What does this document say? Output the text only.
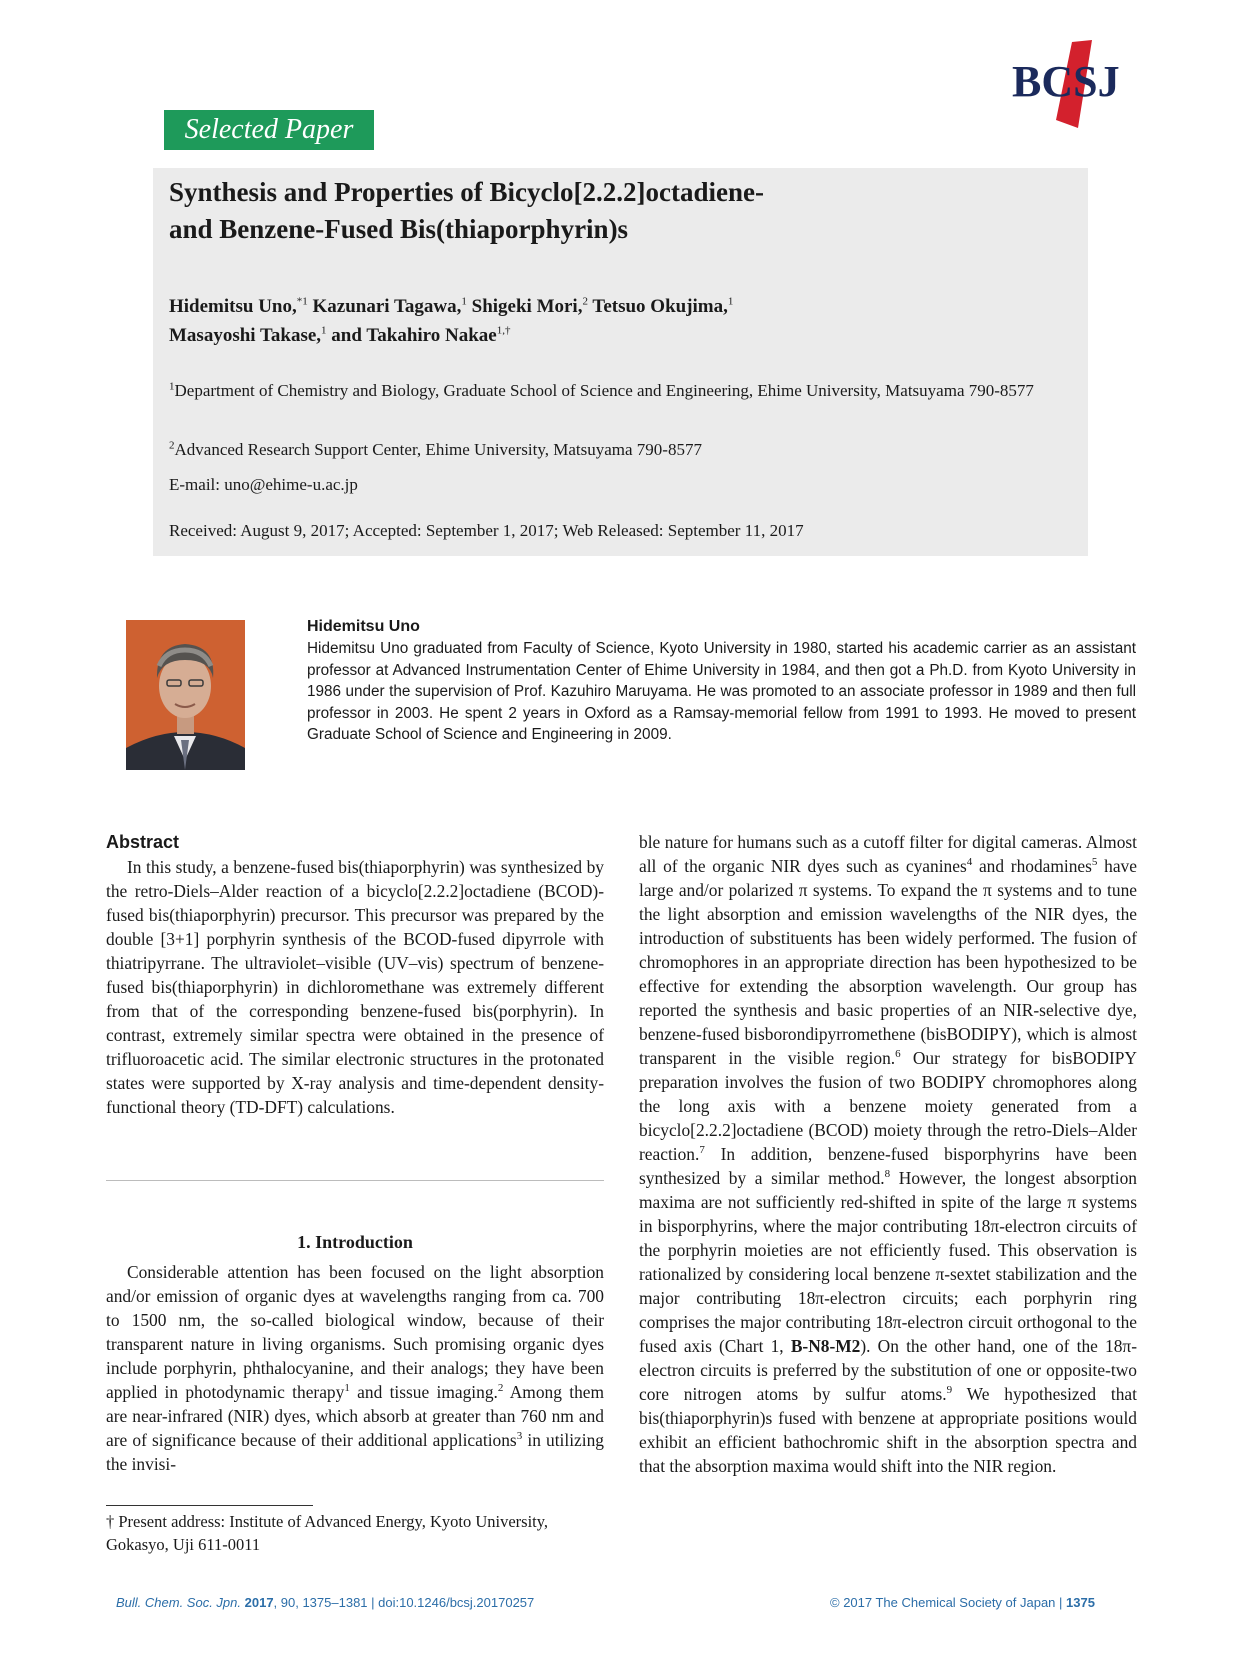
BCSJ
Selected Paper
Synthesis and Properties of Bicyclo[2.2.2]octadiene-
and Benzene-Fused Bis(thiaporphyrin)s
Hidemitsu Uno,$^{*1}$ Kazunari Tagawa,$^1$ Shigeki Mori,$^2$ Tetsuo Okujima,$^1$
Masayoshi Takase,$^1$ and Takahiro Nakae$^{1,\dagger}$
$^1$Department of Chemistry and Biology, Graduate School of Science and Engineering, Ehime University, Matsuyama 790-8577
$^2$Advanced Research Support Center, Ehime University, Matsuyama 790-8577
E-mail: uno@ehime-u.ac.jp
Received: August 9, 2017; Accepted: September 1, 2017; Web Released: September 11, 2017
Hidemitsu Uno
Hidemitsu Uno graduated from Faculty of Science, Kyoto University in 1980, started his academic carrier as an assistant professor at Advanced Instrumentation Center of Ehime University in 1984, and then got a Ph.D. from Kyoto University in 1986 under the supervision of Prof. Kazuhiro Maruyama. He was promoted to an associate professor in 1989 and then full professor in 2003. He spent 2 years in Oxford as a Ramsay-memorial fellow from 1991 to 1993. He moved to present Graduate School of Science and Engineering in 2009.
Abstract

In this study, a benzene-fused bis(thiaporphyrin) was synthesized by the retro-Diels–Alder reaction of a bicyclo[2.2.2]octadiene (BCOD)-fused bis(thiaporphyrin) precursor. This precursor was prepared by the double [3+1] porphyrin synthesis of the BCOD-fused dipyrrole with thiatripyrrane. The ultraviolet–visible (UV–vis) spectrum of benzene-fused bis(thiaporphyrin) in dichloromethane was extremely different from that of the corresponding benzene-fused bis(porphyrin). In contrast, extremely similar spectra were obtained in the presence of trifluoroacetic acid. The similar electronic structures in the protonated states were supported by X-ray analysis and time-dependent density-functional theory (TD-DFT) calculations.

1. Introduction

Considerable attention has been focused on the light absorption and/or emission of organic dyes at wavelengths ranging from ca. 700 to 1500 nm, the so-called biological window, because of their transparent nature in living organisms. Such promising organic dyes include porphyrin, phthalocyanine, and their analogs; they have been applied in photodynamic therapy$^1$ and tissue imaging.$^2$ Among them are near-infrared (NIR) dyes, which absorb at greater than 760 nm and are of significance because of their additional applications$^3$ in utilizing the invisi-

† Present address: Institute of Advanced Energy, Kyoto University, Gokasyo, Uji 611-0011

ble nature for humans such as a cutoff filter for digital cameras. Almost all of the organic NIR dyes such as cyanines$^4$ and rhodamines$^5$ have large and/or polarized π systems. To expand the π systems and to tune the light absorption and emission wavelengths of the NIR dyes, the introduction of substituents has been widely performed. The fusion of chromophores in an appropriate direction has been hypothesized to be effective for extending the absorption wavelength. Our group has reported the synthesis and basic properties of an NIR-selective dye, benzene-fused bisborondipyrromethene (bisBODIPY), which is almost transparent in the visible region.$^6$ Our strategy for bisBODIPY preparation involves the fusion of two BODIPY chromophores along the long axis with a benzene moiety generated from a bicyclo[2.2.2]octadiene (BCOD) moiety through the retro-Diels–Alder reaction.$^7$ In addition, benzene-fused bisporphyrins have been synthesized by a similar method.$^8$ However, the longest absorption maxima are not sufficiently red-shifted in spite of the large π systems in bisporphyrins, where the major contributing 18π-electron circuits of the porphyrin moieties are not efficiently fused. This observation is rationalized by considering local benzene π-sextet stabilization and the major contributing 18π-electron circuits; each porphyrin ring comprises the major contributing 18π-electron circuit orthogonal to the fused axis (Chart 1, B-N8-M2). On the other hand, one of the 18π-electron circuits is preferred by the substitution of one or opposite-two core nitrogen atoms by sulfur atoms.$^9$ We hypothesized that bis(thiaporphyrin)s fused with benzene at appropriate positions would exhibit an efficient bathochromic shift in the absorption spectra and that the absorption maxima would shift into the NIR region.

Bull. Chem. Soc. Jpn. 2017, 90, 1375–1381 | doi:10.1246/bcsj.20170257	© 2017 The Chemical Society of Japan | 1375
